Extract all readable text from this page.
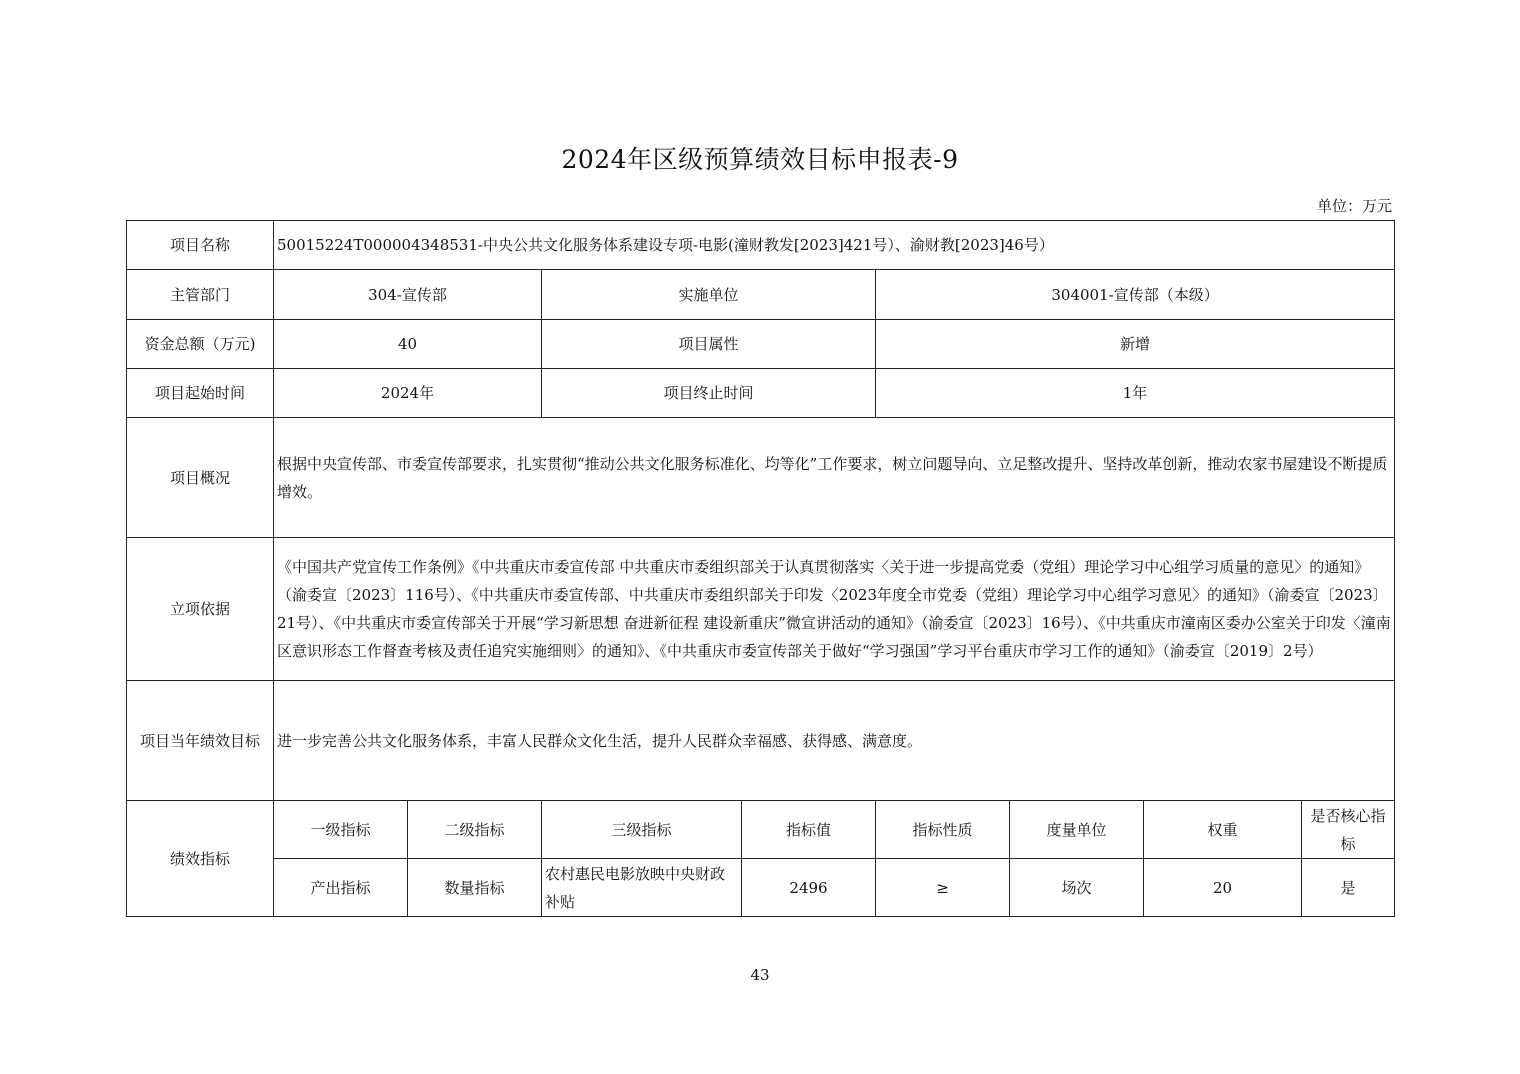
2024年区级预算绩效目标申报表-9
单位：万元
项目名称	50015224T000004348531-中央公共文化服务体系建设专项-电影(潼财教发[2023]421号）、渝财教[2023]46号）							
主管部门	304-宣传部		实施单位		304001-宣传部（本级）			
资金总额（万元)	40		项目属性		新增			
项目起始时间	2024年		项目终止时间		1年			
项目概况	根据中央宣传部、市委宣传部要求，扎实贯彻“推动公共文化服务标准化、均等化”工作要求，树立问题导向、立足整改提升、坚持改革创新，推动农家书屋建设不断提质增效。							
立项依据	《中国共产党宣传工作条例》《中共重庆市委宣传部 中共重庆市委组织部关于认真贯彻落实〈关于进一步提高党委（党组）理论学习中心组学习质量的意见〉的通知》（渝委宣〔2023〕116号）、《中共重庆市委宣传部、中共重庆市委组织部关于印发〈2023年度全市党委（党组）理论学习中心组学习意见〉的通知》（渝委宣〔2023〕21号）、《中共重庆市委宣传部关于开展“学习新思想 奋进新征程 建设新重庆”微宣讲活动的通知》（渝委宣〔2023〕16号）、《中共重庆市潼南区委办公室关于印发〈潼南区意识形态工作督查考核及责任追究实施细则〉的通知》、《中共重庆市委宣传部关于做好“学习强国”学习平台重庆市学习工作的通知》（渝委宣〔2019〕2号）							
项目当年绩效目标	进一步完善公共文化服务体系，丰富人民群众文化生活，提升人民群众幸福感、获得感、满意度。							
绩效指标	一级指标	二级指标	三级指标	指标值	指标性质	度量单位	权重	是否核心指标
	产出指标	数量指标	农村惠民电影放映中央财政补贴	2496	≥	场次	20	是
43
